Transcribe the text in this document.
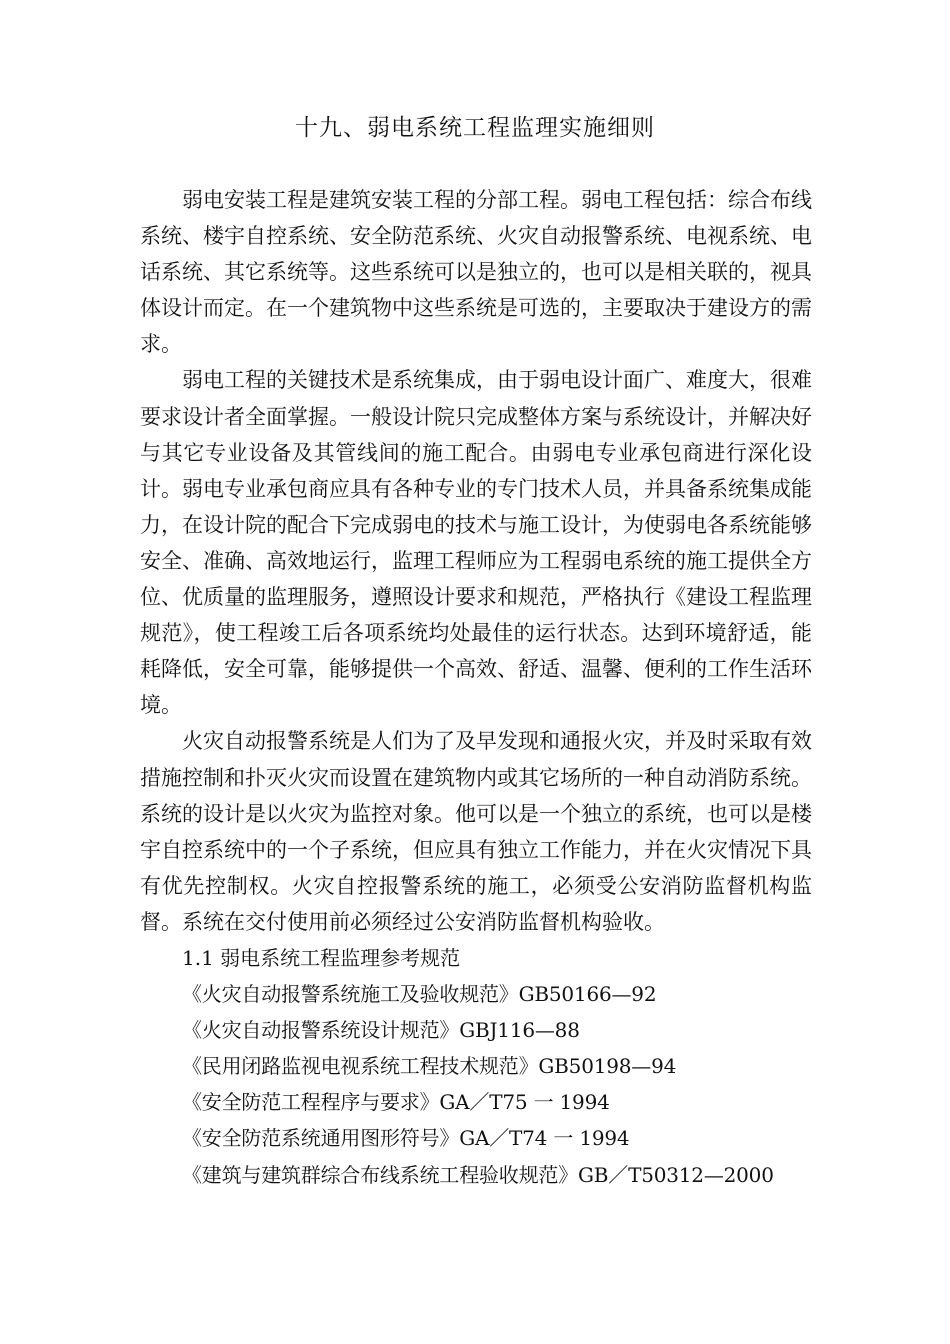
十九、弱电系统工程监理实施细则

弱电安装工程是建筑安装工程的分部工程。弱电工程包括：综合布线系统、楼宇自控系统、安全防范系统、火灾自动报警系统、电视系统、电话系统、其它系统等。这些系统可以是独立的，也可以是相关联的，视具体设计而定。在一个建筑物中这些系统是可选的，主要取决于建设方的需求。

弱电工程的关键技术是系统集成，由于弱电设计面广、难度大，很难要求设计者全面掌握。一般设计院只完成整体方案与系统设计，并解决好与其它专业设备及其管线间的施工配合。由弱电专业承包商进行深化设计。弱电专业承包商应具有各种专业的专门技术人员，并具备系统集成能力，在设计院的配合下完成弱电的技术与施工设计，为使弱电各系统能够安全、准确、高效地运行，监理工程师应为工程弱电系统的施工提供全方位、优质量的监理服务，遵照设计要求和规范，严格执行《建设工程监理规范》，使工程竣工后各项系统均处最佳的运行状态。达到环境舒适，能耗降低，安全可靠，能够提供一个高效、舒适、温馨、便利的工作生活环境。

火灾自动报警系统是人们为了及早发现和通报火灾，并及时采取有效措施控制和扑灭火灾而设置在建筑物内或其它场所的一种自动消防系统。系统的设计是以火灾为监控对象。他可以是一个独立的系统，也可以是楼宇自控系统中的一个子系统，但应具有独立工作能力，并在火灾情况下具有优先控制权。火灾自控报警系统的施工，必须受公安消防监督机构监督。系统在交付使用前必须经过公安消防监督机构验收。

1.1 弱电系统工程监理参考规范

《火灾自动报警系统施工及验收规范》GB50166—92
《火灾自动报警系统设计规范》GBJ116—88
《民用闭路监视电视系统工程技术规范》GB50198—94
《安全防范工程程序与要求》GA／T75 一 1994
《安全防范系统通用图形符号》GA／T74 一 1994
《建筑与建筑群综合布线系统工程验收规范》GB／T50312—2000
